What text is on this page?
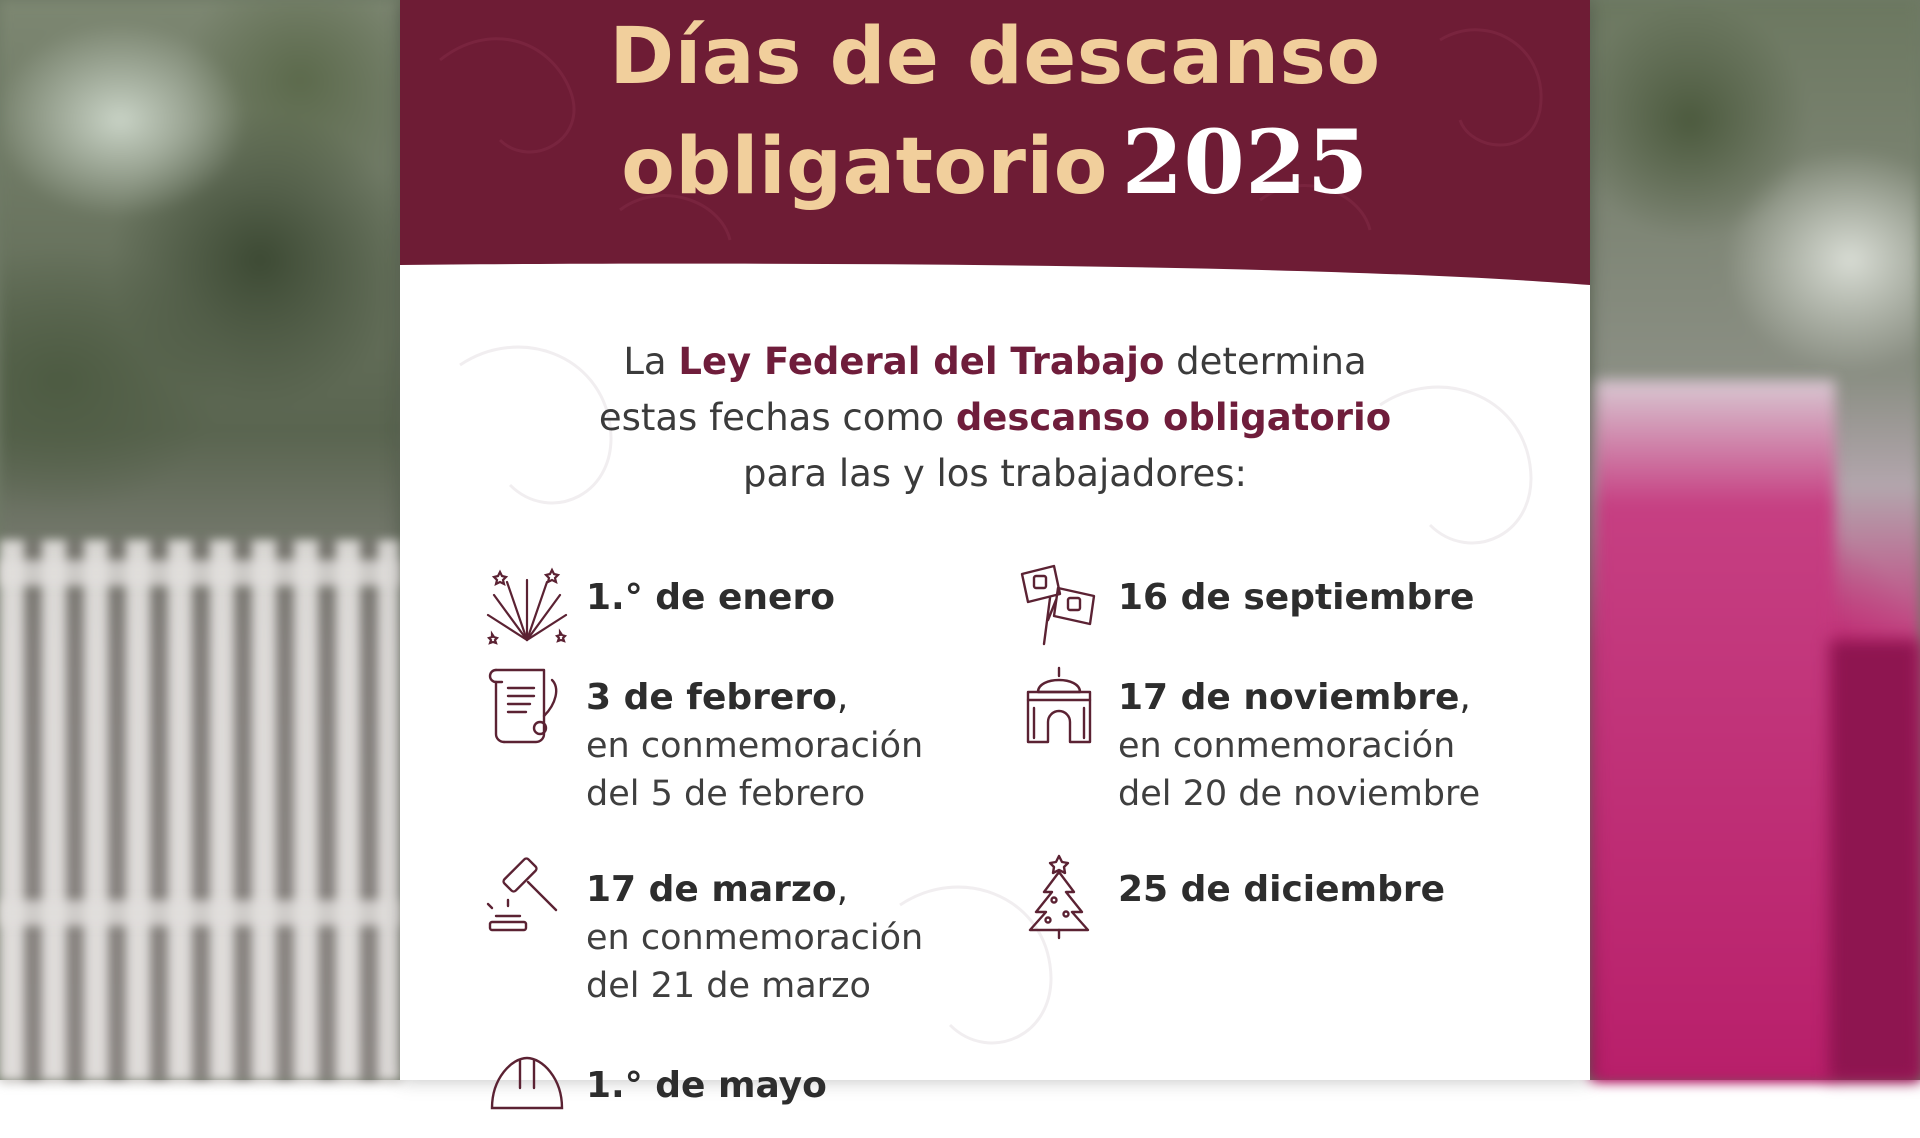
Días de descanso
obligatorio 2025
La Ley Federal del Trabajo determina
estas fechas como descanso obligatorio
para las y los trabajadores:
1.° de enero
3 de febrero,
en conmemoración
del 5 de febrero
17 de marzo,
en conmemoración
del 21 de marzo
1.° de mayo
16 de septiembre
17 de noviembre,
en conmemoración
del 20 de noviembre
25 de diciembre
